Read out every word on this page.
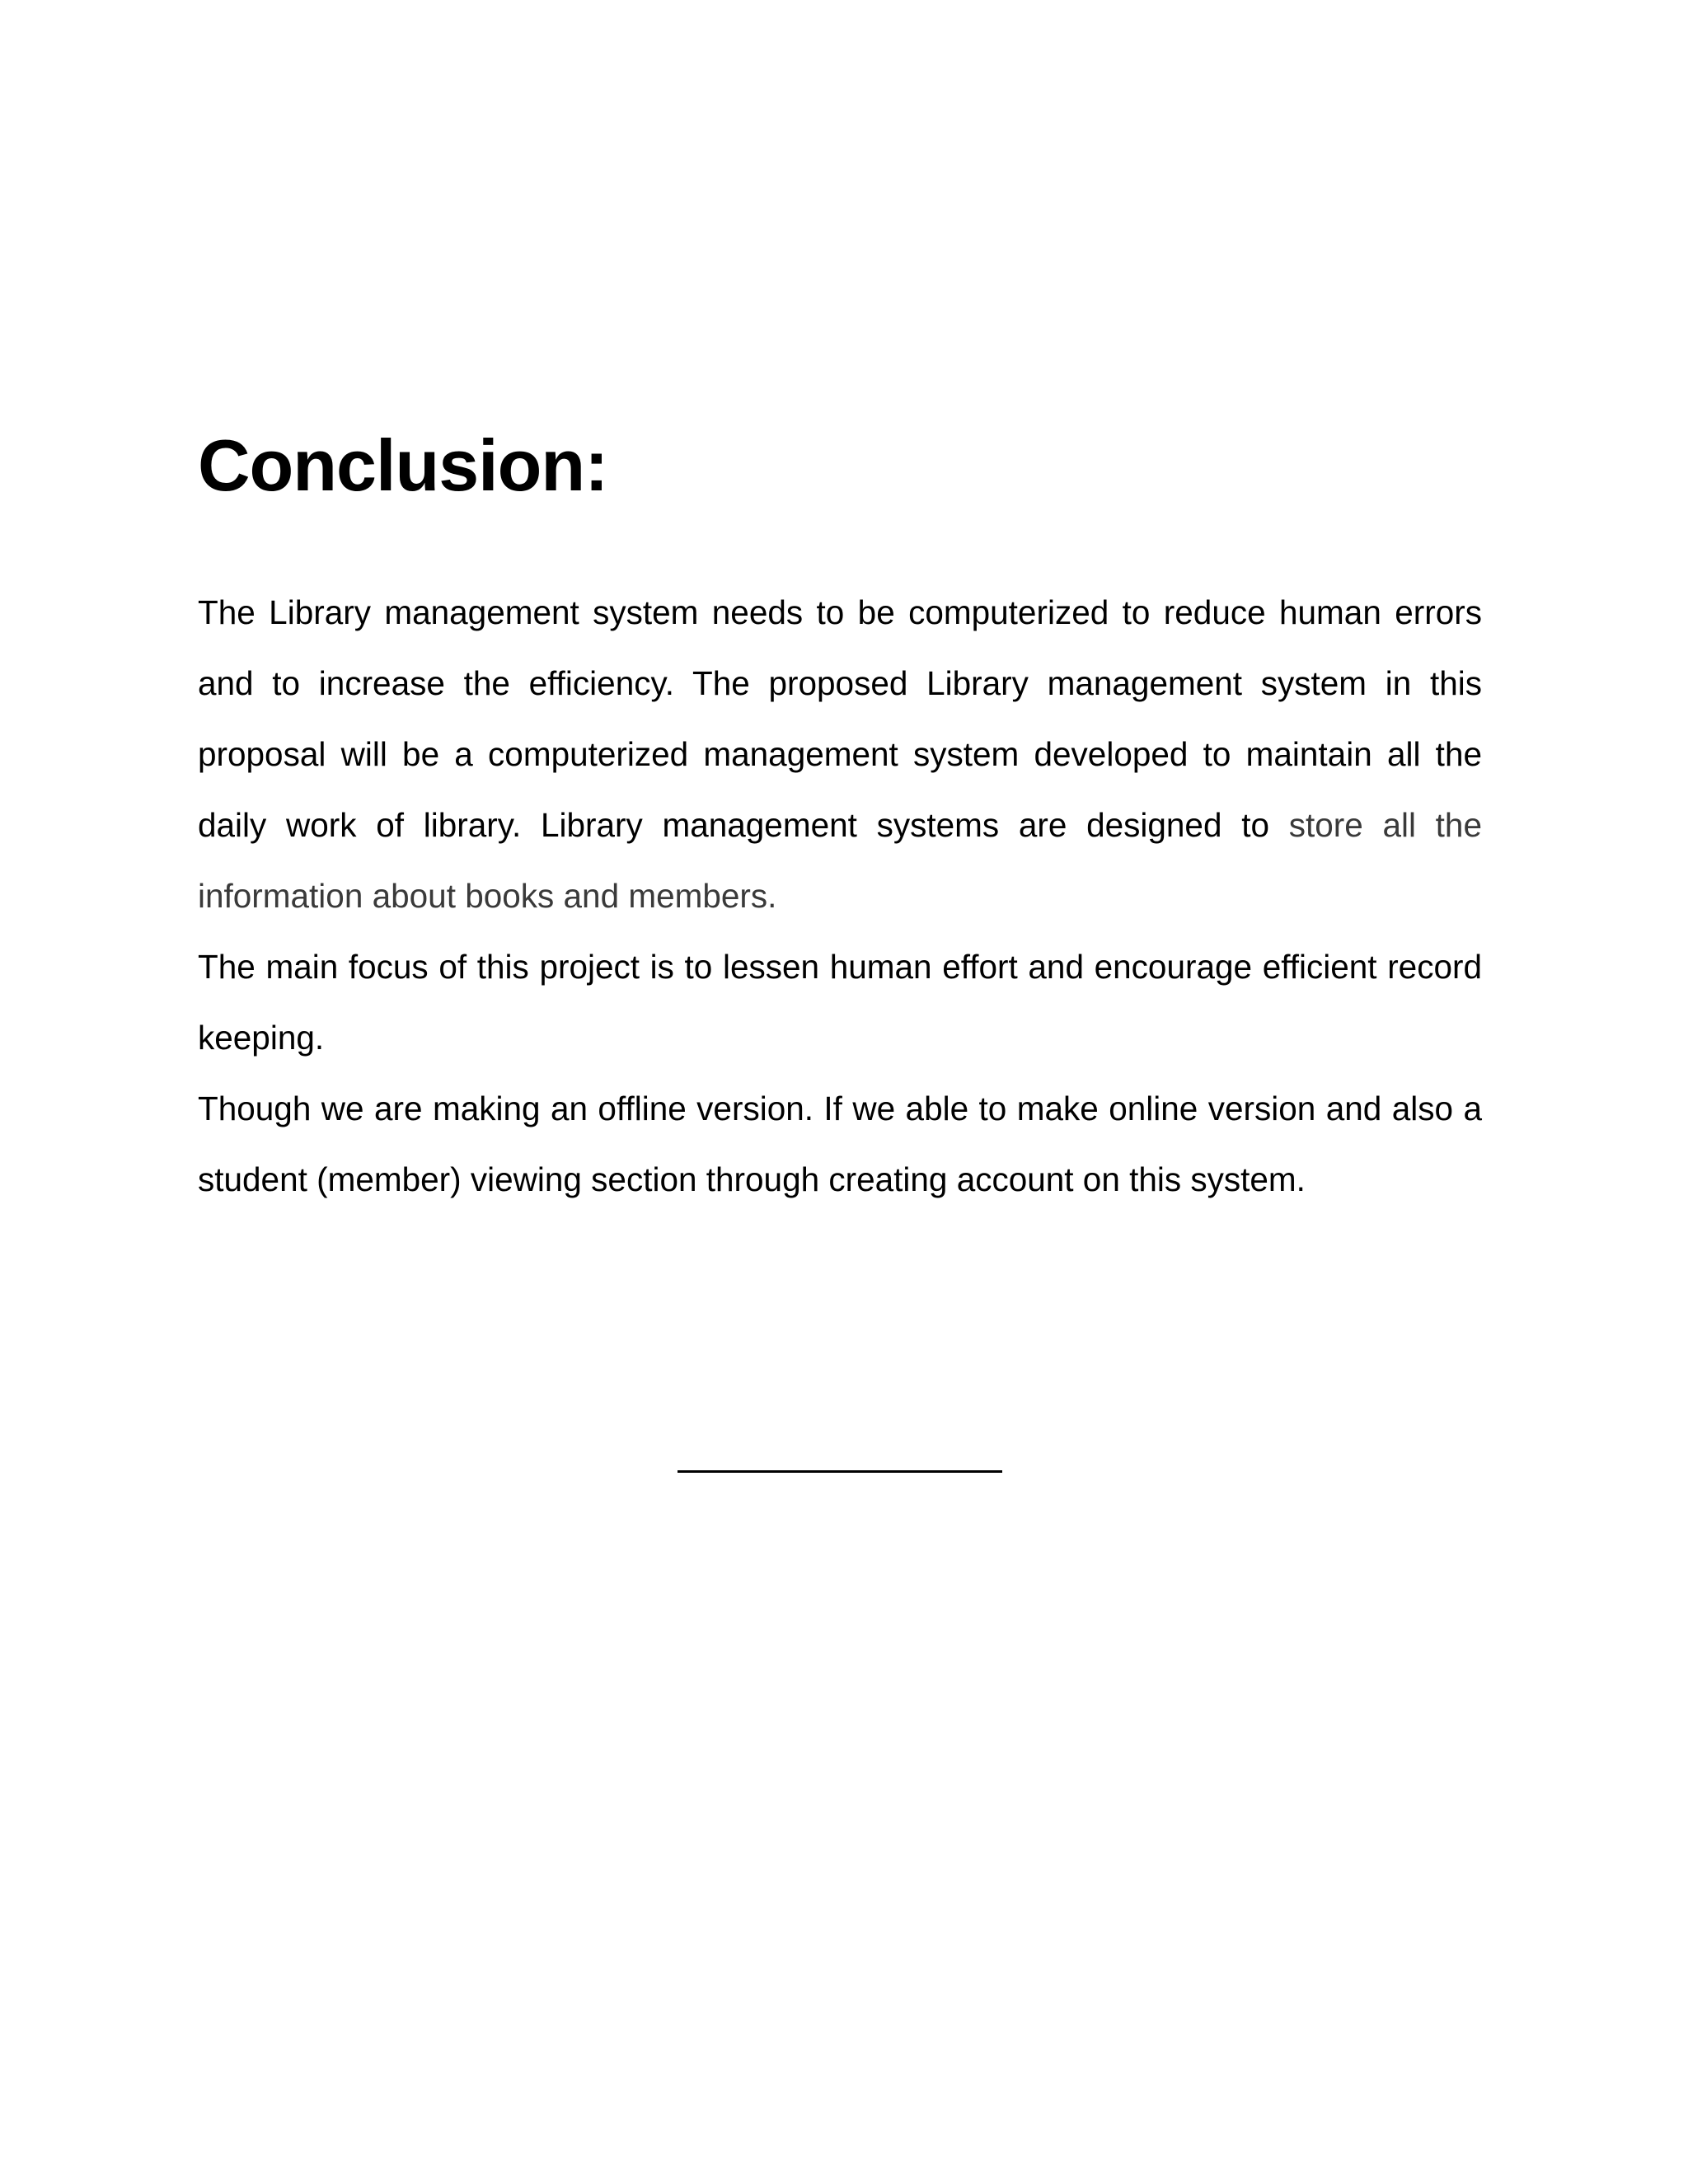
Conclusion:

The Library management system needs to be computerized to reduce human errors and to increase the efficiency. The proposed Library management system in this proposal will be a computerized management system developed to maintain all the daily work of library. Library management systems are designed to store all the information about books and members.

The main focus of this project is to lessen human effort and encourage efficient record keeping.

Though we are making an offline version. If we able to make online version and also a student (member) viewing section through creating account on this system.
